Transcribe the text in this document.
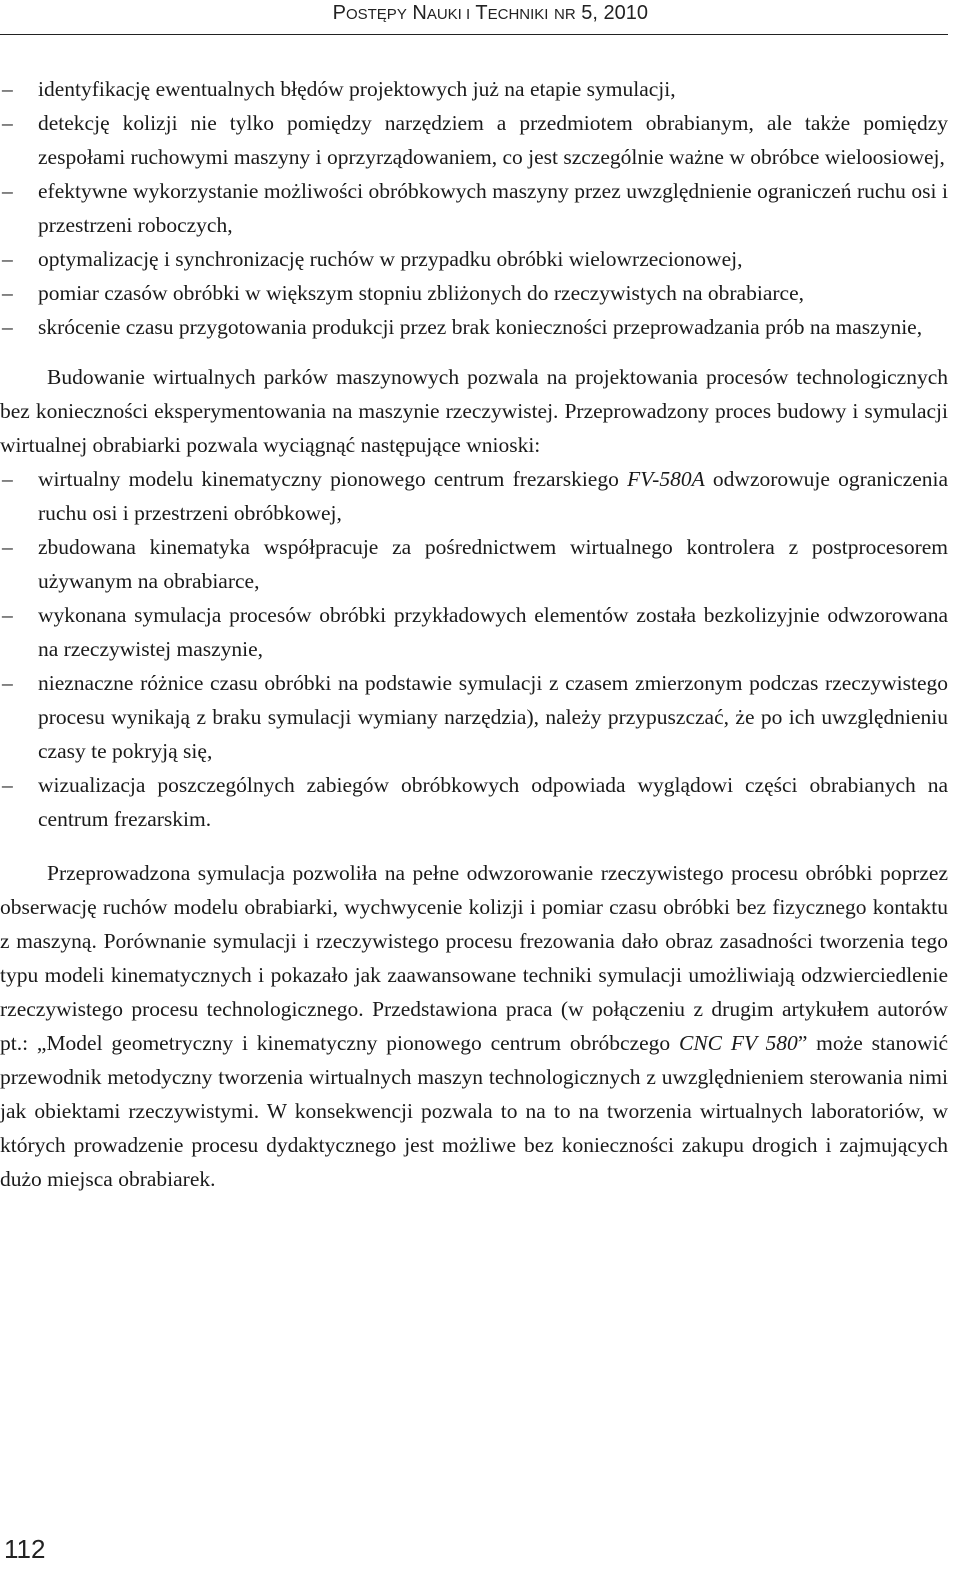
POSTĘPY NAUKI I TECHNIKI NR 5, 2010
– identyfikację ewentualnych błędów projektowych już na etapie symulacji,
– detekcję kolizji nie tylko pomiędzy narzędziem a przedmiotem obrabianym, ale także pomiędzy zespołami ruchowymi maszyny i oprzyrządowaniem, co jest szczególnie ważne w obróbce wieloosiowej,
– efektywne wykorzystanie możliwości obróbkowych maszyny przez uwzględnienie ograniczeń ruchu osi i przestrzeni roboczych,
– optymalizację i synchronizację ruchów w przypadku obróbki wielowrzecionowej,
– pomiar czasów obróbki w większym stopniu zbliżonych do rzeczywistych na obrabiarce,
– skrócenie czasu przygotowania produkcji przez brak konieczności przeprowadzania prób na maszynie,

Budowanie wirtualnych parków maszynowych pozwala na projektowania procesów technologicznych bez konieczności eksperymentowania na maszynie rzeczywistej. Przeprowadzony proces budowy i symulacji wirtualnej obrabiarki pozwala wyciągnąć następujące wnioski:

– wirtualny modelu kinematyczny pionowego centrum frezarskiego FV-580A odwzorowuje ograniczenia ruchu osi i przestrzeni obróbkowej,
– zbudowana kinematyka współpracuje za pośrednictwem wirtualnego kontrolera z postprocesorem używanym na obrabiarce,
– wykonana symulacja procesów obróbki przykładowych elementów została bezkolizyjnie odwzorowana na rzeczywistej maszynie,
– nieznaczne różnice czasu obróbki na podstawie symulacji z czasem zmierzonym podczas rzeczywistego procesu wynikają z braku symulacji wymiany narzędzia), należy przypuszczać, że po ich uwzględnieniu czasy te pokryją się,
– wizualizacja poszczególnych zabiegów obróbkowych odpowiada wyglądowi części obrabianych na centrum frezarskim.

Przeprowadzona symulacja pozwoliła na pełne odwzorowanie rzeczywistego procesu obróbki poprzez obserwację ruchów modelu obrabiarki, wychwycenie kolizji i pomiar czasu obróbki bez fizycznego kontaktu z maszyną. Porównanie symulacji i rzeczywistego procesu frezowania dało obraz zasadności tworzenia tego typu modeli kinematycznych i pokazało jak zaawansowane techniki symulacji umożliwiają odzwierciedlenie rzeczywistego procesu technologicznego. Przedstawiona praca (w połączeniu z drugim artykułem autorów pt.: „Model geometryczny i kinematyczny pionowego centrum obróbczego CNC FV 580” może stanowić przewodnik metodyczny tworzenia wirtualnych maszyn technologicznych z uwzględnieniem sterowania nimi jak obiektami rzeczywistymi. W konsekwencji pozwala to na to na tworzenia wirtualnych laboratoriów, w których prowadzenie procesu dydaktycznego jest możliwe bez konieczności zakupu drogich i zajmujących dużo miejsca obrabiarek.

112
